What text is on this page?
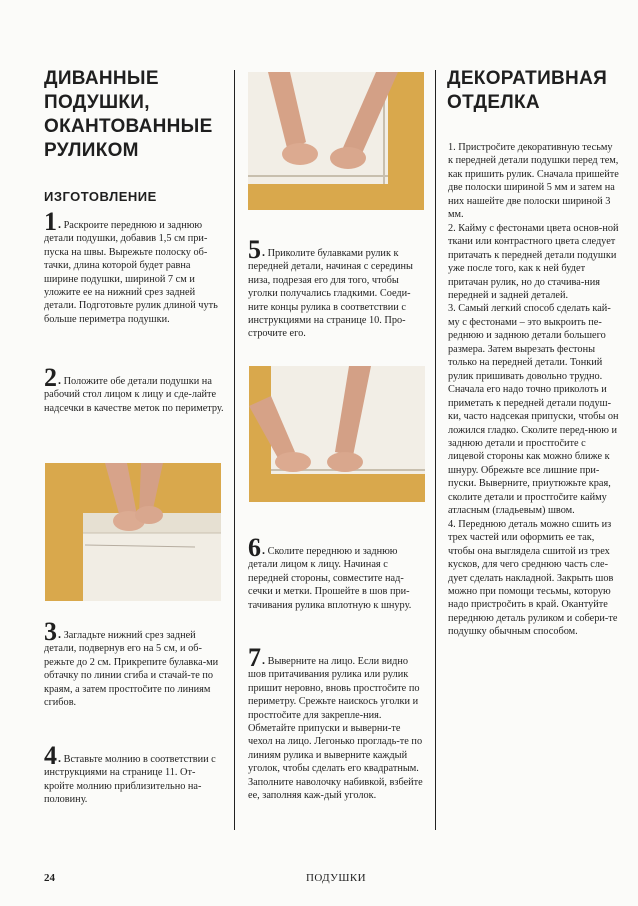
ДИВАННЫЕ ПОДУШКИ, ОКАНТОВАННЫЕ РУЛИКОМ
ИЗГОТОВЛЕНИЕ

1. Раскроите переднюю и заднюю детали подушки, добавив 1,5 см при-пуска на швы. Вырежьте полоску об-тачки, длина которой будет равна ширине подушки, шириной 7 см и уложите ее на нижний срез задней детали. Подготовьте рулик длиной чуть больше периметра подушки.

2. Положите обе детали подушки на рабочий стол лицом к лицу и сде-лайте надсечки в качестве меток по периметру.

3. Загладьте нижний срез задней детали, подвернув его на 5 см, и об-режьте до 2 см. Прикрепите булавка-ми обтачку по линии сгиба и стачай-те по краям, а затем простročите по линиям сгибов.

4. Вставьте молнию в соответствии с инструкциями на странице 11. От-кройте молнию приблизительно на-половину.

5. Приколите булавками рулик к передней детали, начиная с середины низа, подрезая его для того, чтобы уголки получались гладкими. Соеди-ните концы рулика в соответствии с инструкциями на странице 10. Про-строчите его.

6. Сколите переднюю и заднюю детали лицом к лицу. Начиная с передней стороны, совместите над-сечки и метки. Прошейте в шов при-тачивания рулика вплотную к шнуру.

7. Выверните на лицо. Если видно шов притачивания рулика или рулик пришит неровно, вновь простročите по периметру. Срежьте наискось уголки и простročите для закрепле-ния. Обметайте припуски и выверни-те чехол на лицо. Легонько прогладь-те по линиям рулика и выверните каждый уголок, чтобы сделать его квадратным. Заполните наволочку набивкой, взбейте ее, заполняя каж-дый уголок.

ДЕКОРАТИВНАЯ ОТДЕЛКА

1. Пристроčите декоративную тесьму к передней детали подушки перед тем, как пришить рулик. Сначала пришейте две полоски шириной 5 мм и затем на них нашейте две полоски шириной 3 мм.

2. Кайму с фестонами цвета основ-ной ткани или контрастного цвета следует притачать к передней детали подушки уже после того, как к ней будет притачан рулик, но до стачива-ния передней и задней деталей.

3. Самый легкий способ сделать кай-му с фестонами – это выкроить пе-реднюю и заднюю детали большего размера. Затем вырезать фестоны только на передней детали. Тонкий рулик пришивать довольно трудно. Сначала его надо точно приколоть и приметать к передней детали подуш-ки, часто надсекая припуски, чтобы он ложился гладко. Сколите перед-нюю и заднюю детали и простročите с лицевой стороны как можно ближе к шнуру. Обрежьте все лишние при-пуски. Выверните, приутюжьте края, сколите детали и простročите кайму атласным (гладьевым) швом.

4. Переднюю деталь можно сшить из трех частей или оформить ее так, чтобы она выглядела сшитой из трех кусков, для чего среднюю часть сле-дует сделать накладной. Закрыть шов можно при помощи тесьмы, которую надо пристроčить в край. Окантуйте переднюю деталь руликом и собери-те подушку обычным способом.

24	ПОДУШКИ
